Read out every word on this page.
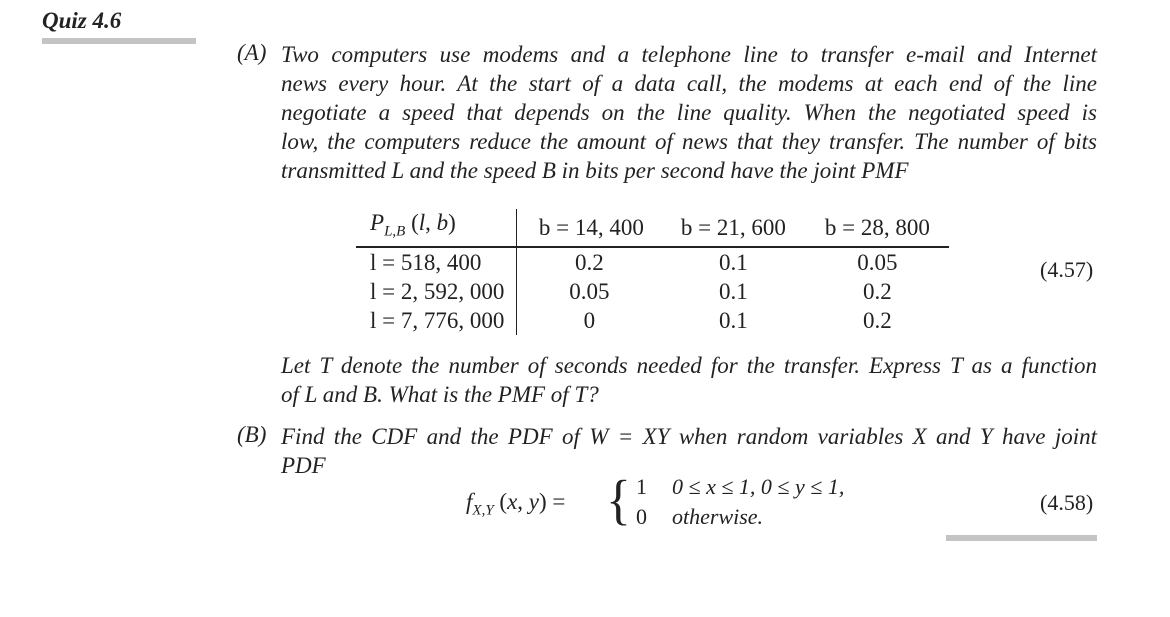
Quiz 4.6
(A) Two computers use modems and a telephone line to transfer e-mail and Internet
news every hour. At the start of a data call, the modems at each end of the line
negotiate a speed that depends on the line quality. When the negotiated speed is
low, the computers reduce the amount of news that they transfer. The number of bits
transmitted L and the speed B in bits per second have the joint PMF
$P_{L,B}$ (l, b)	b = 14, 400	b = 21, 600	b = 28, 800
l = 518, 400	0.2	0.1	0.05
l = 2, 592, 000	0.05	0.1	0.2
l = 7, 776, 000	0	0.1	0.2
(4.57)
Let T denote the number of seconds needed for the transfer. Express T as a function
of L and B. What is the PMF of T?
(B) Find the CDF and the PDF of W = XY when random variables X and Y have joint
PDF
$f_{X,Y}$ (x, y) = { 1 0 ≤ x ≤ 1, 0 ≤ y ≤ 1,
0 otherwise.
(4.58)
